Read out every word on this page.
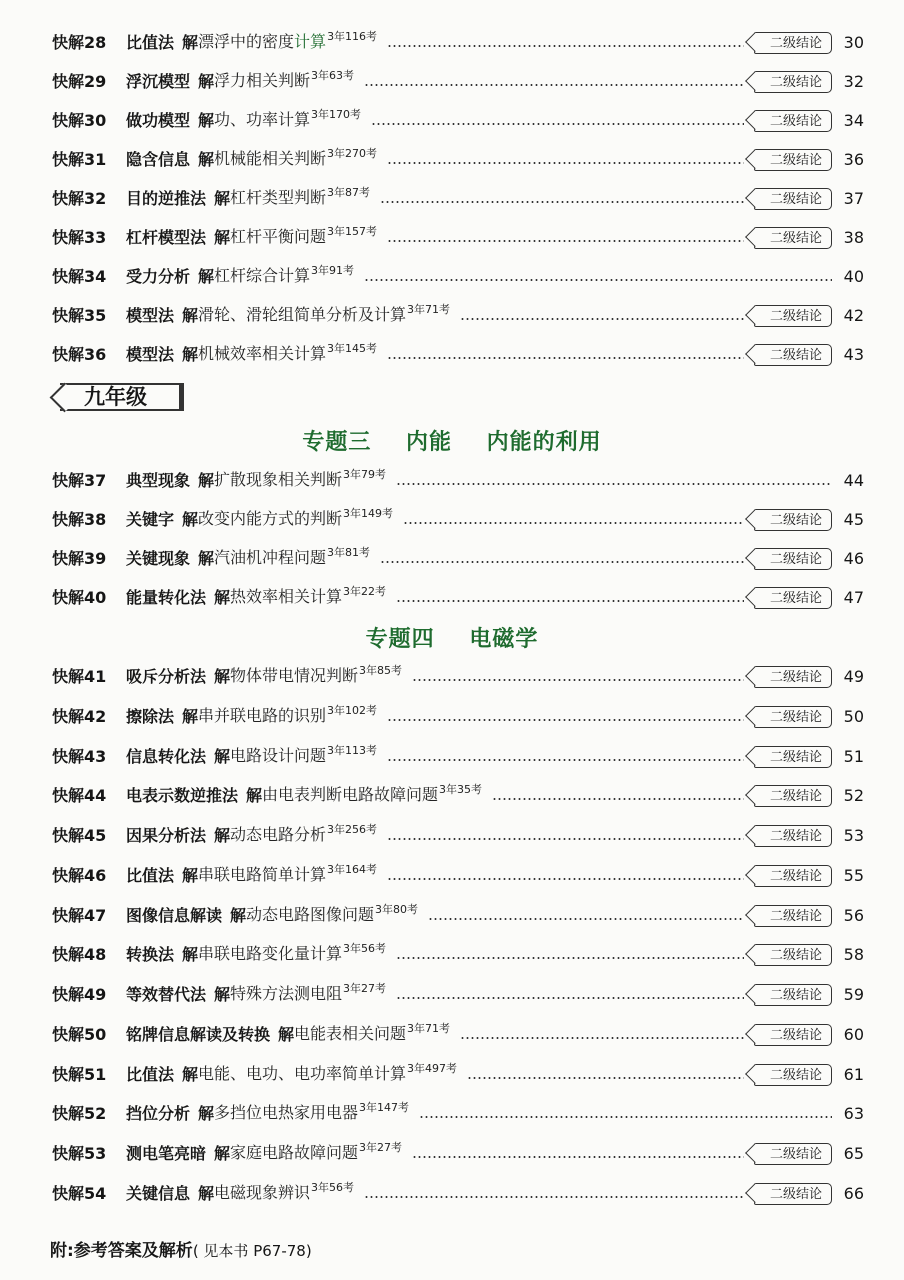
快解28	比值法 解 漂浮中的密度计算$^{3年116考}$	二级结论	30
快解29	浮沉模型 解 浮力相关判断$^{3年63考}$	二级结论	32
快解30	做功模型 解 功、功率计算$^{3年170考}$	二级结论	34
快解31	隐含信息 解 机械能相关判断$^{3年270考}$	二级结论	36
快解32	目的逆推法 解 杠杆类型判断$^{3年87考}$	二级结论	37
快解33	杠杆模型法 解 杠杆平衡问题$^{3年157考}$	二级结论	38
快解34	受力分析 解 杠杆综合计算$^{3年91考}$	40
快解35	模型法 解 滑轮、滑轮组简单分析及计算$^{3年71考}$	二级结论	42
快解36	模型法 解 机械效率相关计算$^{3年145考}$	二级结论	43
九年级
专题三 内能 内能的利用
快解37	典型现象 解 扩散现象相关判断$^{3年79考}$	44
快解38	关键字 解 改变内能方式的判断$^{3年149考}$	二级结论	45
快解39	关键现象 解 汽油机冲程问题$^{3年81考}$	二级结论	46
快解40	能量转化法 解 热效率相关计算$^{3年22考}$	二级结论	47
专题四 电磁学
快解41	吸斥分析法 解 物体带电情况判断$^{3年85考}$	二级结论	49
快解42	擦除法 解 串并联电路的识别$^{3年102考}$	二级结论	50
快解43	信息转化法 解 电路设计问题$^{3年113考}$	二级结论	51
快解44	电表示数逆推法 解 由电表判断电路故障问题$^{3年35考}$	二级结论	52
快解45	因果分析法 解 动态电路分析$^{3年256考}$	二级结论	53
快解46	比值法 解 串联电路简单计算$^{3年164考}$	二级结论	55
快解47	图像信息解读 解 动态电路图像问题$^{3年80考}$	二级结论	56
快解48	转换法 解 串联电路变化量计算$^{3年56考}$	二级结论	58
快解49	等效替代法 解 特殊方法测电阻$^{3年27考}$	二级结论	59
快解50	铭牌信息解读及转换 解 电能表相关问题$^{3年71考}$	二级结论	60
快解51	比值法 解 电能、电功、电功率简单计算$^{3年497考}$	二级结论	61
快解52	挡位分析 解 多挡位电热家用电器$^{3年147考}$	63
快解53	测电笔亮暗 解 家庭电路故障问题$^{3年27考}$	二级结论	65
快解54	关键信息 解 电磁现象辨识$^{3年56考}$	二级结论	66
附:参考答案及解析( 见本书 P67-78)
